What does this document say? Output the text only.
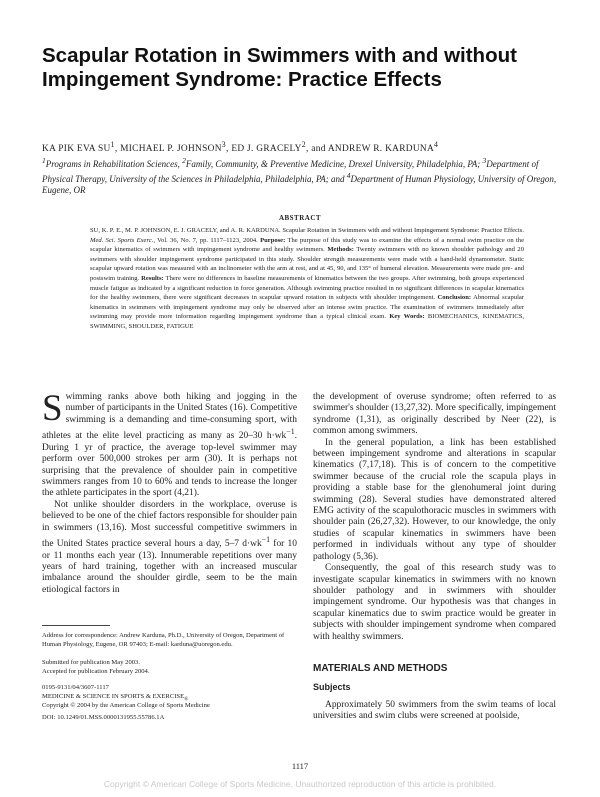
Scapular Rotation in Swimmers with and without Impingement Syndrome: Practice Effects
KA PIK EVA $SU^1$, MICHAEL P. JOHNSON$^3$, ED J. GRACELY$^2$, and ANDREW R. KARDUNA$^4$
$^1$Programs in Rehabilitation Sciences, $^2$Family, Community, & Preventive Medicine, Drexel University, Philadelphia, PA; $^3$Department of Physical Therapy, University of the Sciences in Philadelphia, Philadelphia, PA; and $^4$Department of Human Physiology, University of Oregon, Eugene, OR
ABSTRACT

SU, K. P. E., M. P. JOHNSON, E. J. GRACELY, and A. R. KARDUNA. Scapular Rotation in Swimmers with and without Impingement Syndrome: Practice Effects. Med. Sci. Sports Exerc., Vol. 36, No. 7, pp. 1117–1123, 2004. Purpose: The purpose of this study was to examine the effects of a normal swim practice on the scapular kinematics of swimmers with impingement syndrome and healthy swimmers. Methods: Twenty swimmers with no known shoulder pathology and 20 swimmers with shoulder impingement syndrome participated in this study. Shoulder strength measurements were made with a hand-held dynamometer. Static scapular upward rotation was measured with an inclinometer with the arm at rest, and at 45, 90, and 135° of humeral elevation. Measurements were made pre- and postswim training. Results: There were no differences in baseline measurements of kinematics between the two groups. After swimming, both groups experienced muscle fatigue as indicated by a significant reduction in force generation. Although swimming practice resulted in no significant differences in scapular kinematics for the healthy swimmers, there were significant decreases in scapular upward rotation in subjects with shoulder impingement. Conclusion: Abnormal scapular kinematics in swimmers with impingement syndrome may only be observed after an intense swim practice. The examination of swimmers immediately after swimming may provide more information regarding impingement syndrome than a typical clinical exam. Key Words: BIOMECHANICS, KINEMATICS, SWIMMING, SHOULDER, FATIGUE

Swimming ranks above both hiking and jogging in the number of participants in the United States (16). Competitive swimming is a demanding and time-consuming sport, with athletes at the elite level practicing as many as 20–30 $h\cdot wk^{-1}$. During 1 yr of practice, the average top-level swimmer may perform over 500,000 strokes per arm (30). It is perhaps not surprising that the prevalence of shoulder pain in competitive swimmers ranges from 10 to 60% and tends to increase the longer the athlete participates in the sport (4,21).

Not unlike shoulder disorders in the workplace, overuse is believed to be one of the chief factors responsible for shoulder pain in swimmers (13,16). Most successful competitive swimmers in the United States practice several hours a day, 5–7 $d\cdot wk^{-1}$ for 10 or 11 months each year (13). Innumerable repetitions over many years of hard training, together with an increased muscular imbalance around the shoulder girdle, seem to be the main etiological factors in

the development of overuse syndrome; often referred to as swimmer's shoulder (13,27,32). More specifically, impingement syndrome (1,31), as originally described by Neer (22), is common among swimmers.

In the general population, a link has been established between impingement syndrome and alterations in scapular kinematics (7,17,18). This is of concern to the competitive swimmer because of the crucial role the scapula plays in providing a stable base for the glenohumeral joint during swimming (28). Several studies have demonstrated altered EMG activity of the scapulothoracic muscles in swimmers with shoulder pain (26,27,32). However, to our knowledge, the only studies of scapular kinematics in swimmers have been performed in individuals without any type of shoulder pathology (5,36).

Consequently, the goal of this research study was to investigate scapular kinematics in swimmers with no known shoulder pathology and in swimmers with shoulder impingement syndrome. Our hypothesis was that changes in scapular kinematics due to swim practice would be greater in subjects with shoulder impingement syndrome when compared with healthy swimmers.

MATERIALS AND METHODS
Subjects

Approximately 50 swimmers from the swim teams of local universities and swim clubs were screened at poolside,

Address for correspondence: Andrew Karduna, Ph.D., University of Oregon, Department of Human Physiology, Eugene, OR 97403; E-mail: karduna@uoregon.edu.
Submitted for publication May 2003.
Accepted for publication February 2004.
0195-9131/04/3607-1117
MEDICINE & SCIENCE IN SPORTS & $EXERCISE_®$
Copyright © 2004 by the American College of Sports Medicine
DOI: 10.1249/01.MSS.0000131955.55786.1A
1117
Copyright © American College of Sports Medicine. Unauthorized reproduction of this article is prohibited.
